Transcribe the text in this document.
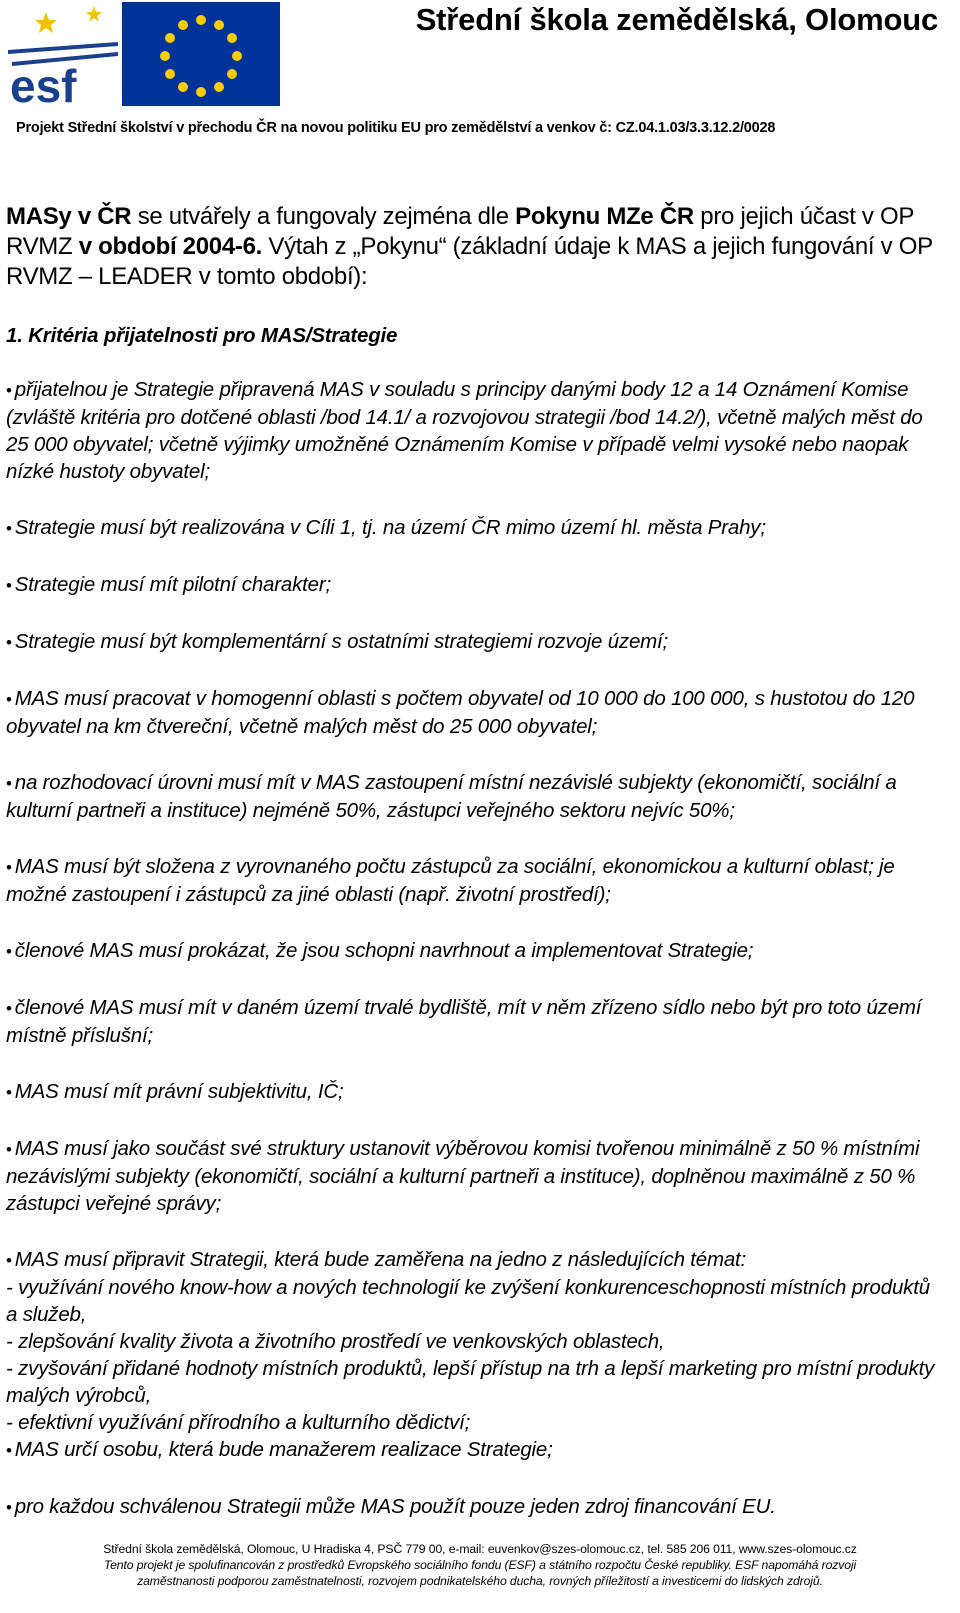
esf
Střední škola zemědělská, Olomouc
Projekt Střední školství v přechodu ČR na novou politiku EU pro zemědělství a venkov č: CZ.04.1.03/3.3.12.2/0028
MASy v ČR se utvářely a fungovaly zejména dle Pokynu MZe ČR pro jejich účast v OP RVMZ v období 2004-6. Výtah z „Pokynu“ (základní údaje k MAS a jejich fungování v OP RVMZ – LEADER v tomto období):
1. Kritéria přijatelnosti pro MAS/Strategie
• přijatelnou je Strategie připravená MAS v souladu s principy danými body 12 a 14 Oznámení Komise (zvláště kritéria pro dotčené oblasti /bod 14.1/ a rozvojovou strategii /bod 14.2/), včetně malých měst do 25 000 obyvatel; včetně výjimky umožněné Oznámením Komise v případě velmi vysoké nebo naopak nízké hustoty obyvatel;
• Strategie musí být realizována v Cíli 1, tj. na území ČR mimo území hl. města Prahy;
• Strategie musí mít pilotní charakter;
• Strategie musí být komplementární s ostatními strategiemi rozvoje území;
• MAS musí pracovat v homogenní oblasti s počtem obyvatel od 10 000 do 100 000, s hustotou do 120 obyvatel na km čtvereční, včetně malých měst do 25 000 obyvatel;
• na rozhodovací úrovni musí mít v MAS zastoupení místní nezávislé subjekty (ekonomičtí, sociální a kulturní partneři a instituce) nejméně 50%, zástupci veřejného sektoru nejvíc 50%;
• MAS musí být složena z vyrovnaného počtu zástupců za sociální, ekonomickou a kulturní oblast; je možné zastoupení i zástupců za jiné oblasti (např. životní prostředí);
• členové MAS musí prokázat, že jsou schopni navrhnout a implementovat Strategie;
• členové MAS musí mít v daném území trvalé bydliště, mít v něm zřízeno sídlo nebo být pro toto území místně příslušní;
• MAS musí mít právní subjektivitu, IČ;
• MAS musí jako součást své struktury ustanovit výběrovou komisi tvořenou minimálně z 50 % místními nezávislými subjekty (ekonomičtí, sociální a kulturní partneři a instituce), doplněnou maximálně z 50 % zástupci veřejné správy;
• MAS musí připravit Strategii, která bude zaměřena na jedno z následujících témat:
- využívání nového know-how a nových technologií ke zvýšení konkurenceschopnosti místních produktů a služeb,
- zlepšování kvality života a životního prostředí ve venkovských oblastech,
- zvyšování přidané hodnoty místních produktů, lepší přístup na trh a lepší marketing pro místní produkty malých výrobců,
- efektivní využívání přírodního a kulturního dědictví;
• MAS určí osobu, která bude manažerem realizace Strategie;
• pro každou schválenou Strategii může MAS použít pouze jeden zdroj financování EU.
Střední škola zemědělská, Olomouc, U Hradiska 4, PSČ 779 00, e-mail: euvenkov@szes-olomouc.cz, tel. 585 206 011, www.szes-olomouc.cz
Tento projekt je spolufinancován z prostředků Evropského sociálního fondu (ESF) a státního rozpočtu České republiky. ESF napomáhá rozvoji
zaměstnanosti podporou zaměstnatelnosti, rozvojem podnikatelského ducha, rovných příležitostí a investicemi do lidských zdrojů.
